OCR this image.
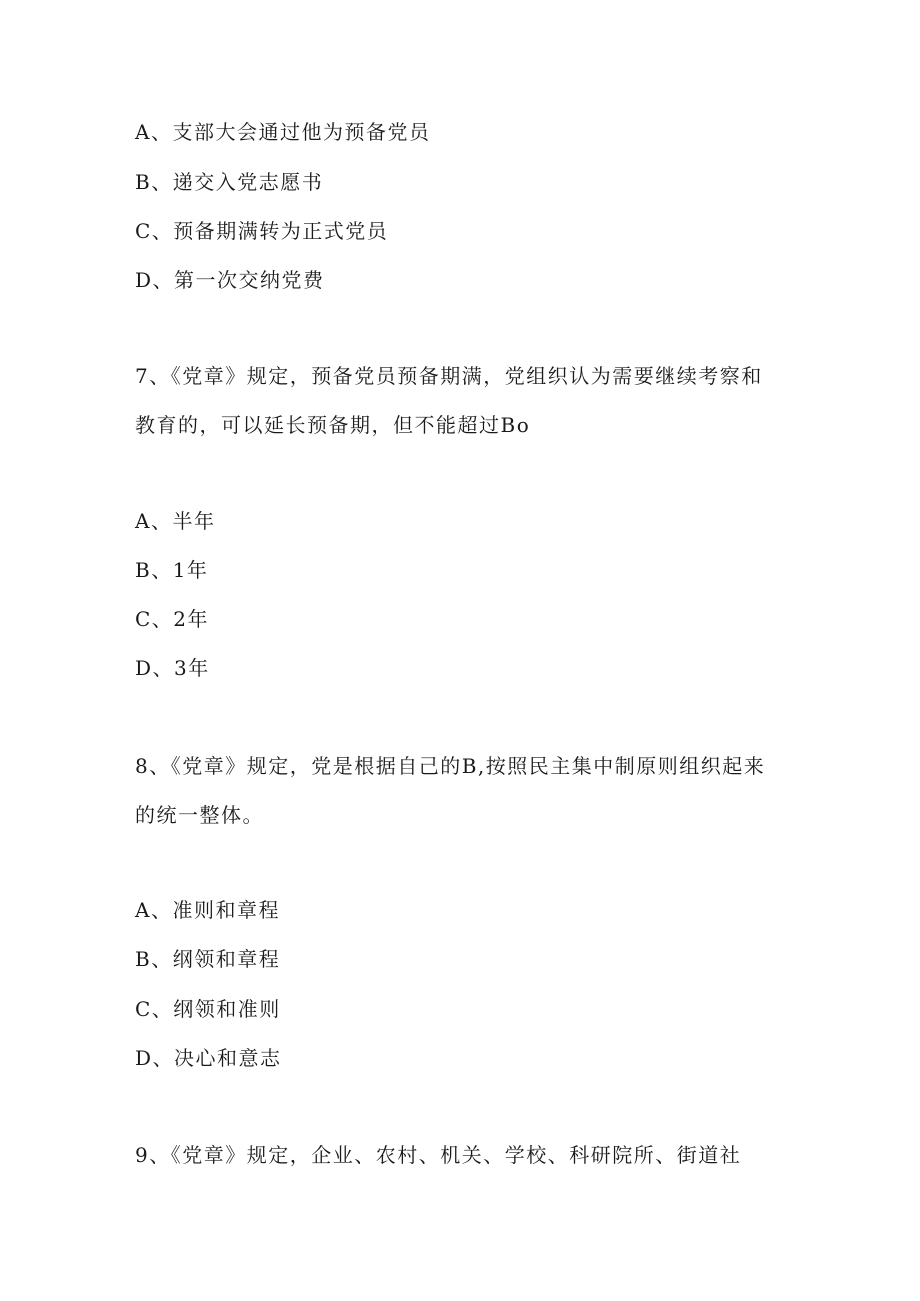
A、支部大会通过他为预备党员
B、递交入党志愿书
C、预备期满转为正式党员
D、第一次交纳党费
7、《党章》规定，预备党员预备期满，党组织认为需要继续考察和
教育的，可以延长预备期，但不能超过Bo
A、半年
B、1年
C、2年
D、3年
8、《党章》规定，党是根据自己的B,按照民主集中制原则组织起来
的统一整体。
A、准则和章程
B、纲领和章程
C、纲领和准则
D、决心和意志
9、《党章》规定，企业、农村、机关、学校、科研院所、街道社
